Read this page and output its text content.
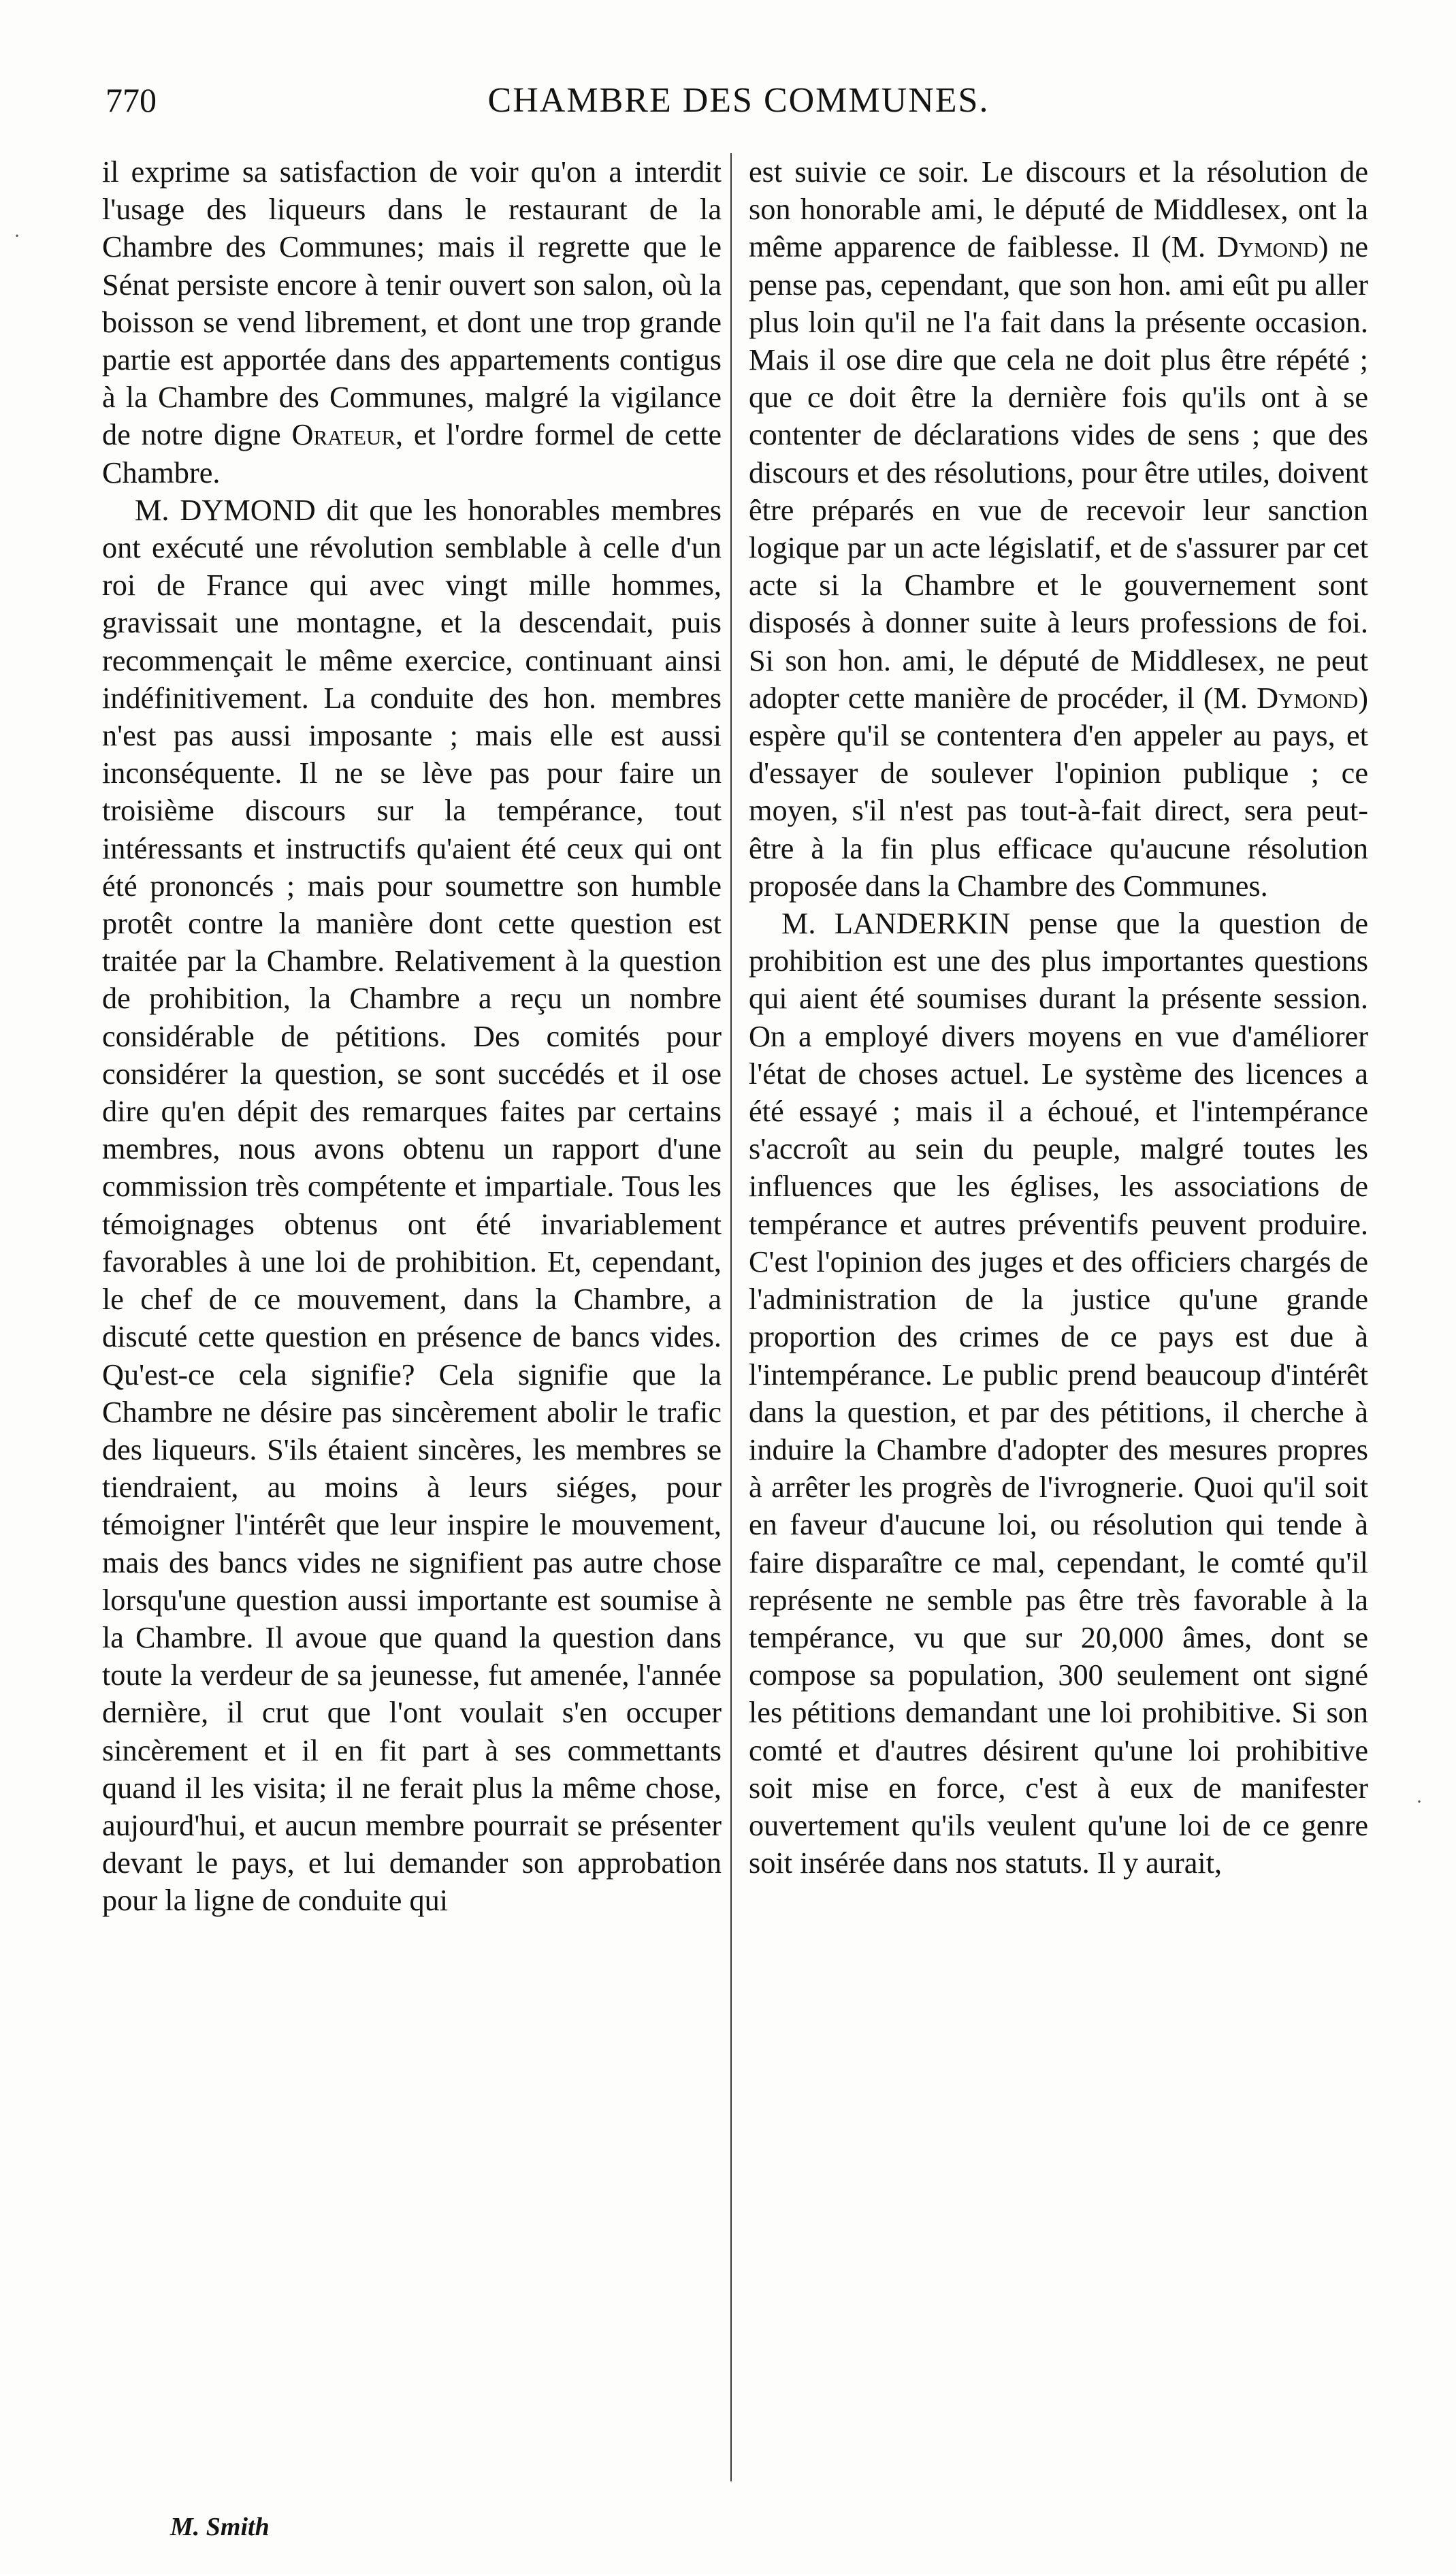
770	CHAMBRE DES COMMUNES.

il exprime sa satisfaction de voir qu'on a interdit l'usage des liqueurs dans le restaurant de la Chambre des Communes; mais il regrette que le Sénat persiste encore à tenir ouvert son salon, où la boisson se vend librement, et dont une trop grande partie est apportée dans des appartements contigus à la Chambre des Communes, malgré la vigilance de notre digne Orateur, et l'ordre formel de cette Chambre.

M. DYMOND dit que les honorables membres ont exécuté une révolution semblable à celle d'un roi de France qui avec vingt mille hommes, gravissait une montagne, et la descendait, puis recommençait le même exercice, continuant ainsi indéfinitivement. La conduite des hon. membres n'est pas aussi imposante ; mais elle est aussi inconséquente. Il ne se lève pas pour faire un troisième discours sur la tempérance, tout intéressants et instructifs qu'aient été ceux qui ont été prononcés ; mais pour soumettre son humble protêt contre la manière dont cette question est traitée par la Chambre. Relativement à la question de prohibition, la Chambre a reçu un nombre considérable de pétitions. Des comités pour considérer la question, se sont succédés et il ose dire qu'en dépit des remarques faites par certains membres, nous avons obtenu un rapport d'une commission très compétente et impartiale. Tous les témoignages obtenus ont été invariablement favorables à une loi de prohibition. Et, cependant, le chef de ce mouvement, dans la Chambre, a discuté cette question en présence de bancs vides. Qu'est-ce cela signifie? Cela signifie que la Chambre ne désire pas sincèrement abolir le trafic des liqueurs. S'ils étaient sincères, les membres se tiendraient, au moins à leurs siéges, pour témoigner l'intérêt que leur inspire le mouvement, mais des bancs vides ne signifient pas autre chose lorsqu'une question aussi importante est soumise à la Chambre. Il avoue que quand la question dans toute la verdeur de sa jeunesse, fut amenée, l'année dernière, il crut que l'ont voulait s'en occuper sincèrement et il en fit part à ses commettants quand il les visita; il ne ferait plus la même chose, aujourd'hui, et aucun membre pourrait se présenter devant le pays, et lui demander son approbation pour la ligne de conduite qui

est suivie ce soir. Le discours et la résolution de son honorable ami, le député de Middlesex, ont la même apparence de faiblesse. Il (M. Dymond) ne pense pas, cependant, que son hon. ami eût pu aller plus loin qu'il ne l'a fait dans la présente occasion. Mais il ose dire que cela ne doit plus être répété ; que ce doit être la dernière fois qu'ils ont à se contenter de déclarations vides de sens ; que des discours et des résolutions, pour être utiles, doivent être préparés en vue de recevoir leur sanction logique par un acte législatif, et de s'assurer par cet acte si la Chambre et le gouvernement sont disposés à donner suite à leurs professions de foi. Si son hon. ami, le député de Middlesex, ne peut adopter cette manière de procéder, il (M. Dymond) espère qu'il se contentera d'en appeler au pays, et d'essayer de soulever l'opinion publique ; ce moyen, s'il n'est pas tout-à-fait direct, sera peut-être à la fin plus efficace qu'aucune résolution proposée dans la Chambre des Communes.

M. LANDERKIN pense que la question de prohibition est une des plus importantes questions qui aient été soumises durant la présente session. On a employé divers moyens en vue d'améliorer l'état de choses actuel. Le système des licences a été essayé ; mais il a échoué, et l'intempérance s'accroît au sein du peuple, malgré toutes les influences que les églises, les associations de tempérance et autres préventifs peuvent produire. C'est l'opinion des juges et des officiers chargés de l'administration de la justice qu'une grande proportion des crimes de ce pays est due à l'intempérance. Le public prend beaucoup d'intérêt dans la question, et par des pétitions, il cherche à induire la Chambre d'adopter des mesures propres à arrêter les progrès de l'ivrognerie. Quoi qu'il soit en faveur d'aucune loi, ou résolution qui tende à faire disparaître ce mal, cependant, le comté qu'il représente ne semble pas être très favorable à la tempérance, vu que sur 20,000 âmes, dont se compose sa population, 300 seulement ont signé les pétitions demandant une loi prohibitive. Si son comté et d'autres désirent qu'une loi prohibitive soit mise en force, c'est à eux de manifester ouvertement qu'ils veulent qu'une loi de ce genre soit insérée dans nos statuts. Il y aurait,

M. Smith
·
·
